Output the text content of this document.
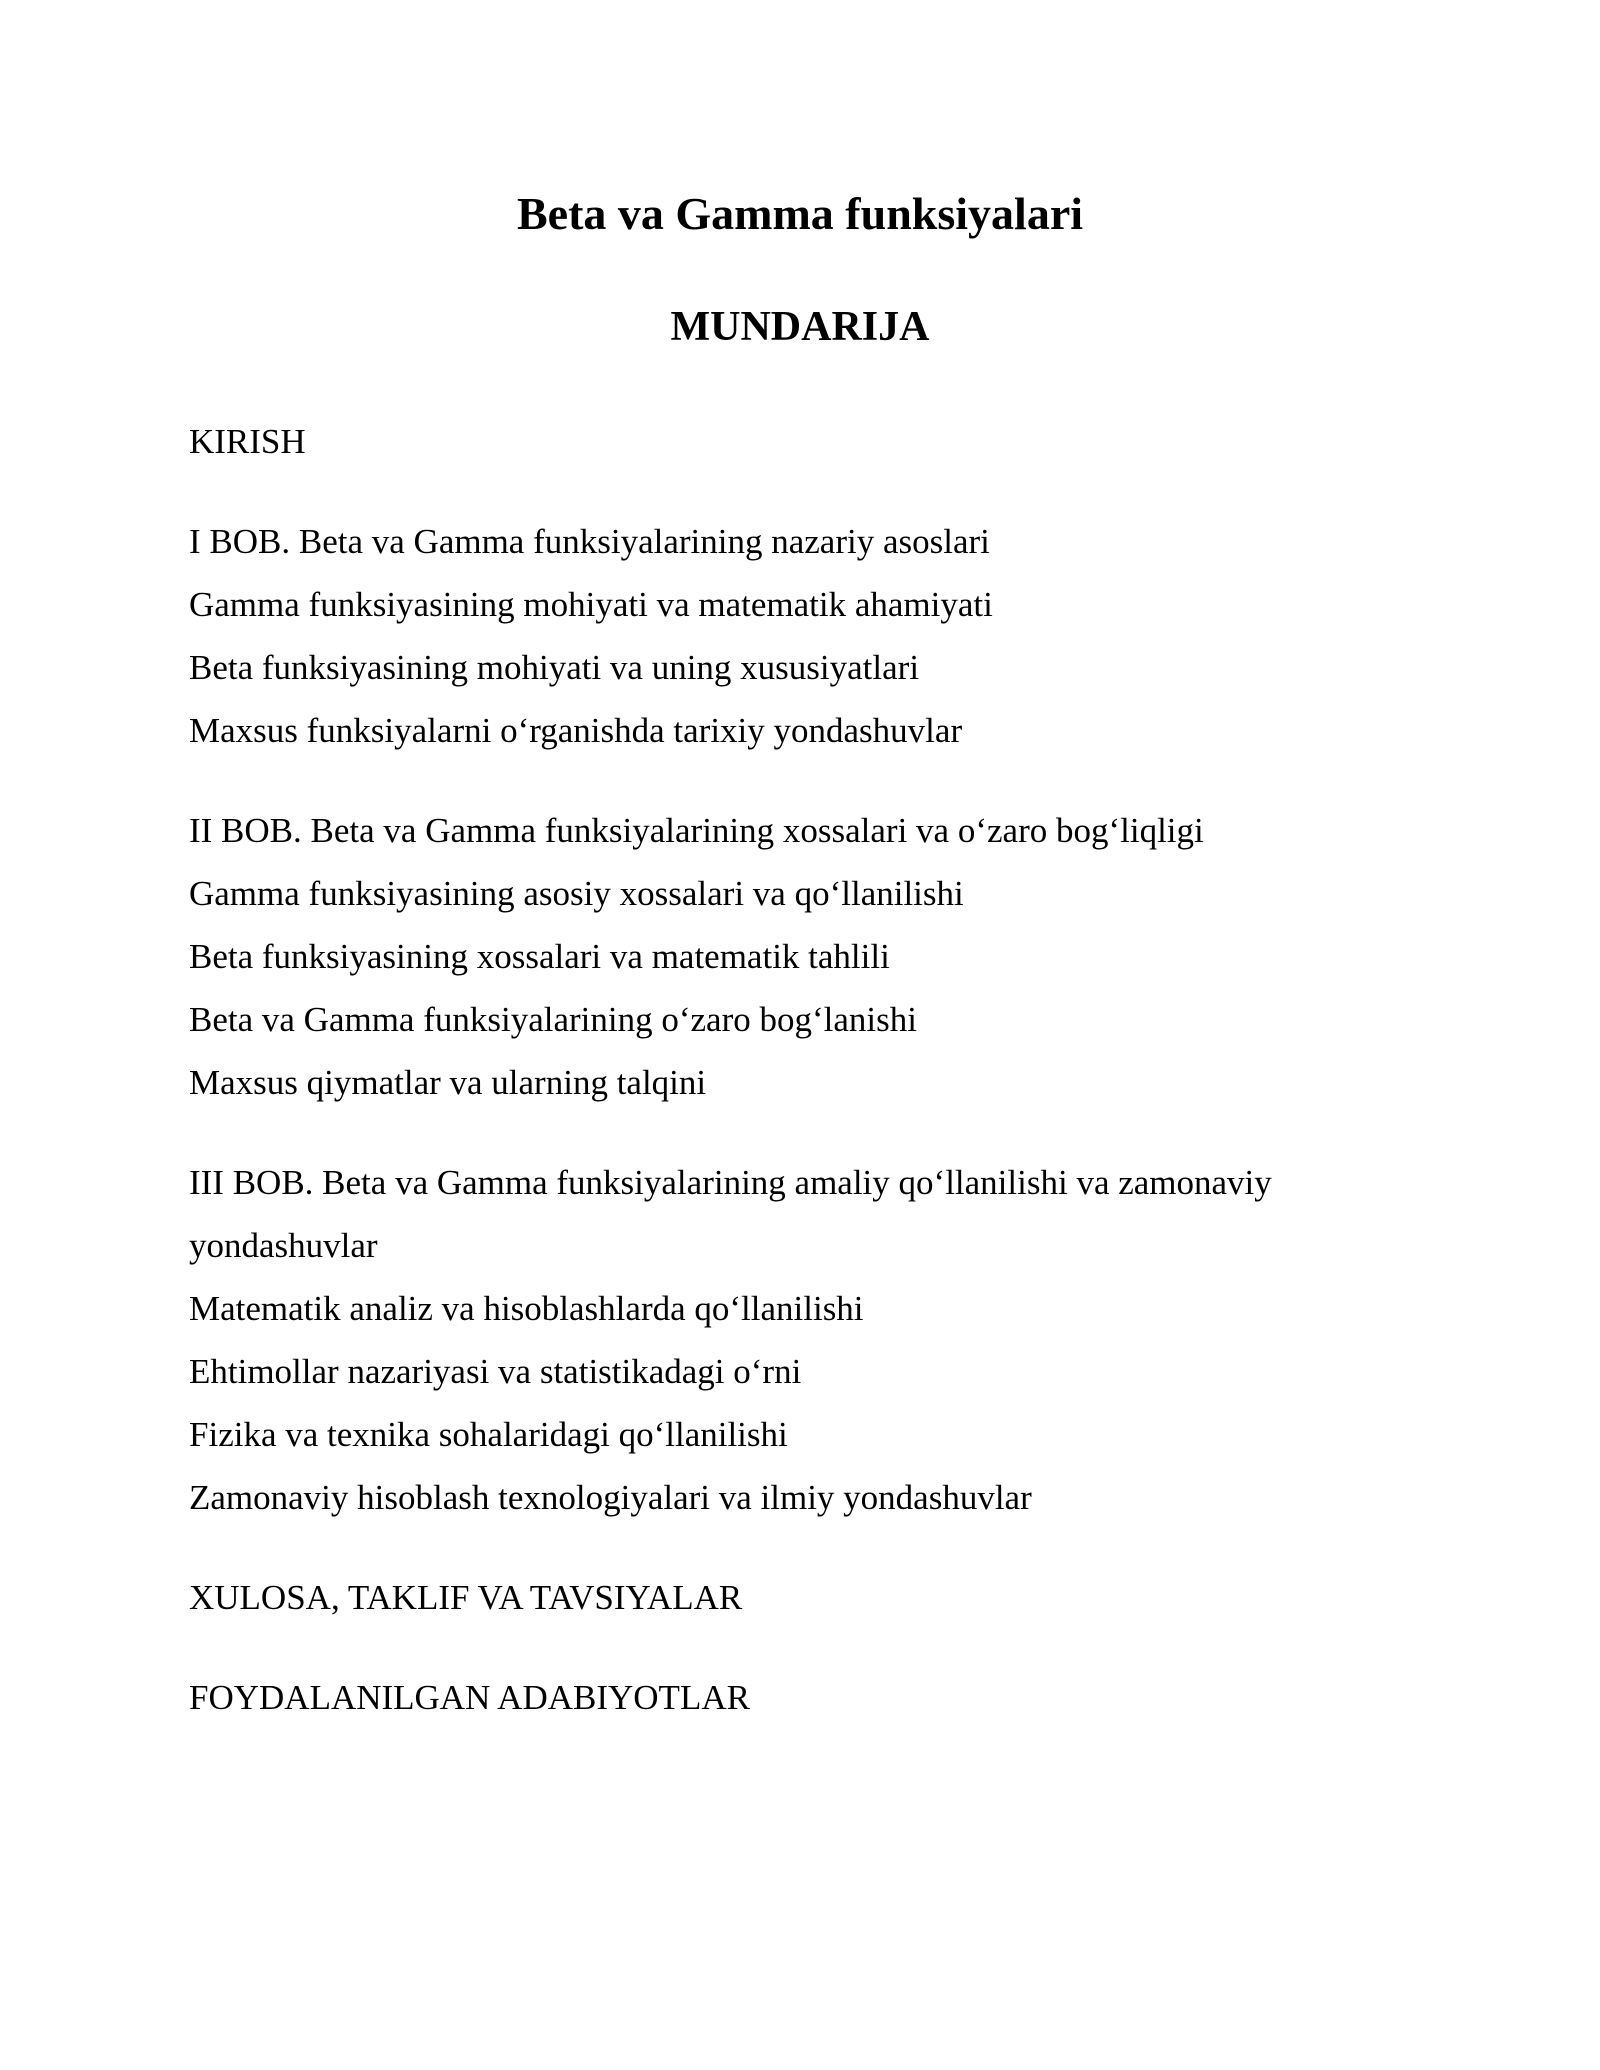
Beta va Gamma funksiyalari
MUNDARIJA
KIRISH
I BOB. Beta va Gamma funksiyalarining nazariy asoslari
Gamma funksiyasining mohiyati va matematik ahamiyati
Beta funksiyasining mohiyati va uning xususiyatlari
Maxsus funksiyalarni o‘rganishda tarixiy yondashuvlar
II BOB. Beta va Gamma funksiyalarining xossalari va o‘zaro bog‘liqligi
Gamma funksiyasining asosiy xossalari va qo‘llanilishi
Beta funksiyasining xossalari va matematik tahlili
Beta va Gamma funksiyalarining o‘zaro bog‘lanishi
Maxsus qiymatlar va ularning talqini
III BOB. Beta va Gamma funksiyalarining amaliy qo‘llanilishi va zamonaviy yondashuvlar
Matematik analiz va hisoblashlarda qo‘llanilishi
Ehtimollar nazariyasi va statistikadagi o‘rni
Fizika va texnika sohalaridagi qo‘llanilishi
Zamonaviy hisoblash texnologiyalari va ilmiy yondashuvlar
XULOSA, TAKLIF VA TAVSIYALAR
FOYDALANILGAN ADABIYOTLAR
